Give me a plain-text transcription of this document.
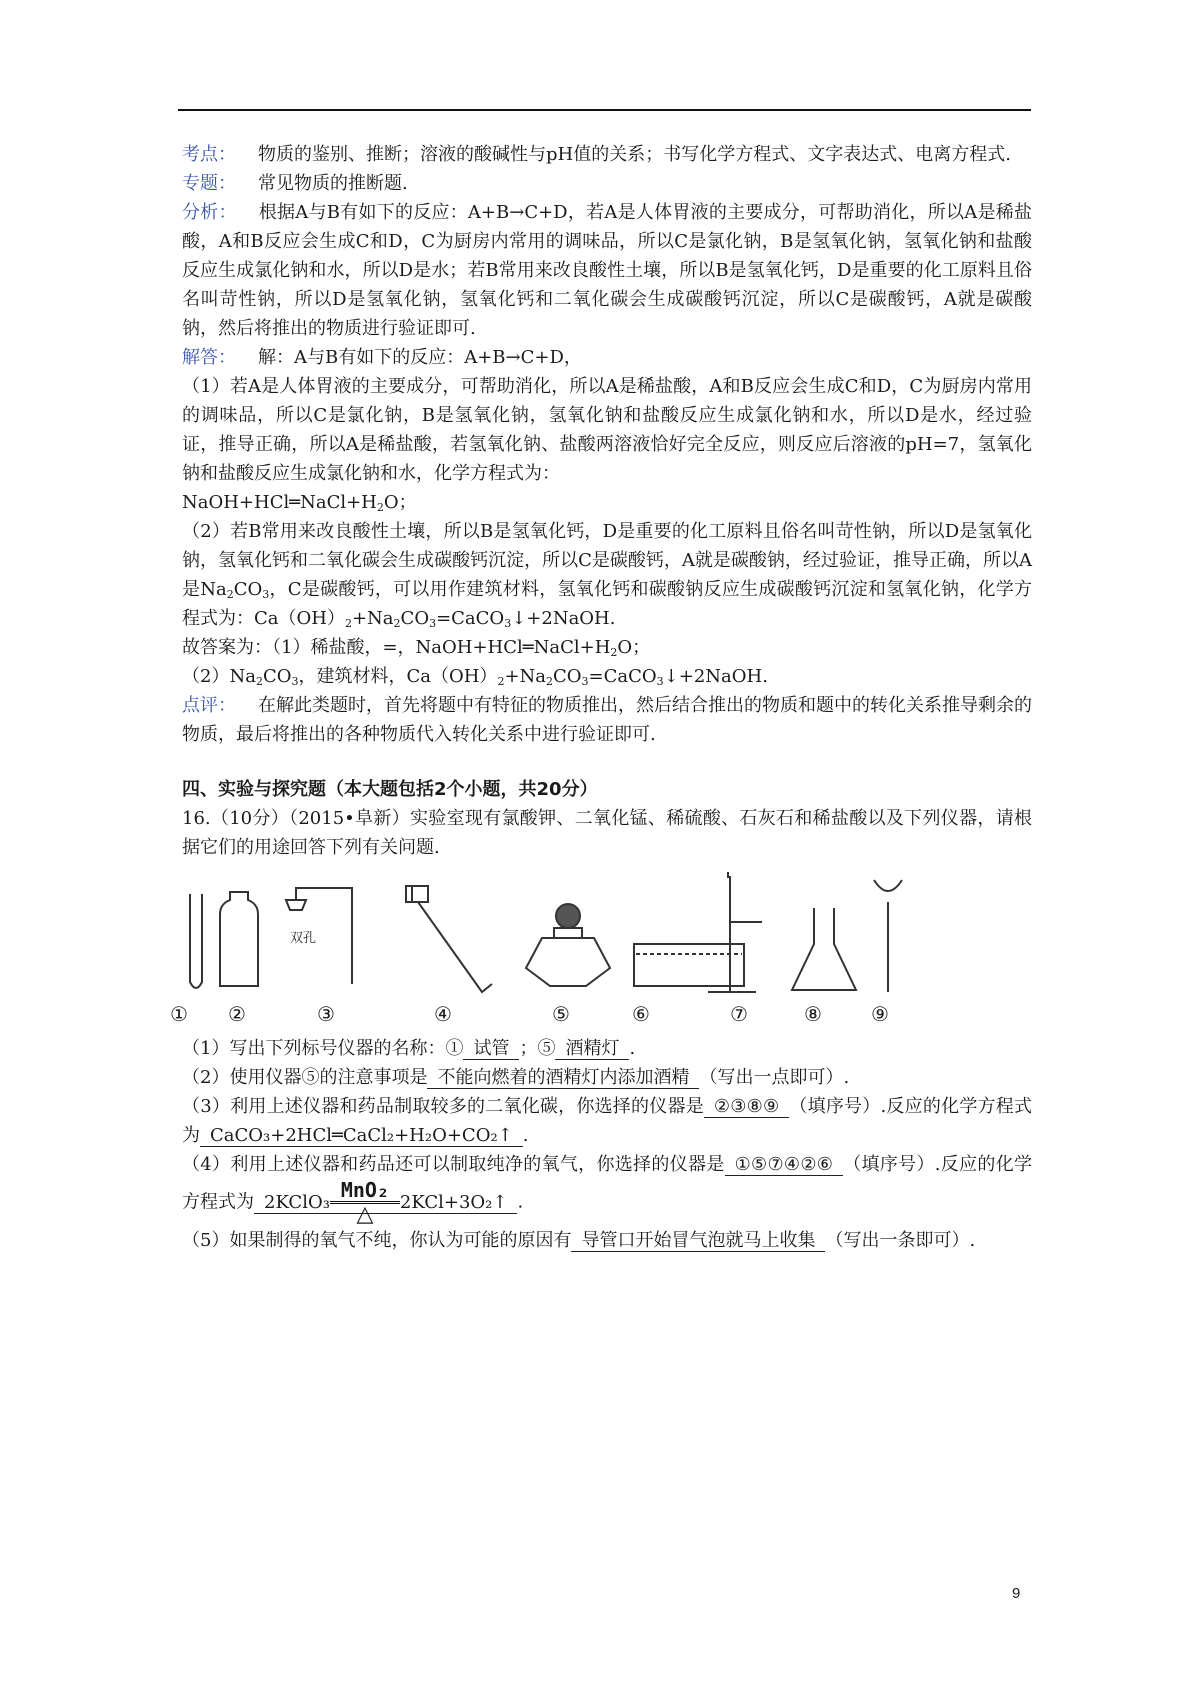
考点： 物质的鉴别、推断；溶液的酸碱性与pH值的关系；书写化学方程式、文字表达式、电离方程式.

专题： 常见物质的推断题.

分析： 根据A与B有如下的反应：A+B→C+D，若A是人体胃液的主要成分，可帮助消化，所以A是稀盐酸，A和B反应会生成C和D，C为厨房内常用的调味品，所以C是氯化钠，B是氢氧化钠，氢氧化钠和盐酸反应生成氯化钠和水，所以D是水；若B常用来改良酸性土壤，所以B是氢氧化钙，D是重要的化工原料且俗名叫苛性钠，所以D是氢氧化钠，氢氧化钙和二氧化碳会生成碳酸钙沉淀，所以C是碳酸钙，A就是碳酸钠，然后将推出的物质进行验证即可.

解答： 解：A与B有如下的反应：A+B→C+D，

（1）若A是人体胃液的主要成分，可帮助消化，所以A是稀盐酸，A和B反应会生成C和D，C为厨房内常用的调味品，所以C是氯化钠，B是氢氧化钠，氢氧化钠和盐酸反应生成氯化钠和水，所以D是水，经过验证，推导正确，所以A是稀盐酸，若氢氧化钠、盐酸两溶液恰好完全反应，则反应后溶液的pH=7，氢氧化钠和盐酸反应生成氯化钠和水，化学方程式为：
$NaOH+HCl═NaCl+H_2O$；

（2）若B常用来改良酸性土壤，所以B是氢氧化钙，D是重要的化工原料且俗名叫苛性钠，所以D是氢氧化钠，氢氧化钙和二氧化碳会生成碳酸钙沉淀，所以C是碳酸钙，A就是碳酸钠，经过验证，推导正确，所以A是$Na_2CO_3$，C是碳酸钙，可以用作建筑材料，氢氧化钙和碳酸钠反应生成碳酸钙沉淀和氢氧化钠，化学方程式为：$Ca(OH)_2+Na_2CO_3=CaCO_3↓+2NaOH$.

故答案为：（1）稀盐酸，=，$NaOH+HCl═NaCl+H_2O$；

$(2)Na_2CO_3$，建筑材料，$Ca(OH)_2+Na_2CO_3=CaCO_3↓+2NaOH$.

点评： 在解此类题时，首先将题中有特征的物质推出，然后结合推出的物质和题中的转化关系推导剩余的物质，最后将推出的各种物质代入转化关系中进行验证即可.

四、实验与探究题（本大题包括2个小题，共20分）

16.（10分）（2015•阜新）实验室现有氯酸钾、二氧化锰、稀硫酸、石灰石和稀盐酸以及下列仪器，请根据它们的用途回答下列有关问题.

双孔
① ②	③	④	⑤	⑥	⑦	⑧ ⑨

（1）写出下列标号仪器的名称：① 试管 ；⑤ 酒精灯 .

（2）使用仪器⑤的注意事项是 不能向燃着的酒精灯内添加酒精 （写出一点即可）.

（3）利用上述仪器和药品制取较多的二氧化碳，你选择的仪器是 ②③⑧⑨ （填序号）.反应的化学方程式为 CaCO₃+2HCl═CaCl₂+H₂O+CO₂↑ .

（4）利用上述仪器和药品还可以制取纯净的氧气，你选择的仪器是 ①⑤⑦④②⑥ （填序号）.反应的化学方程式为 2KClO₃ MnO₂
△	2KCl+3O₂↑ .

（5）如果制得的氧气不纯，你认为可能的原因有 导管口开始冒气泡就马上收集 （写出一条即可）.

9
